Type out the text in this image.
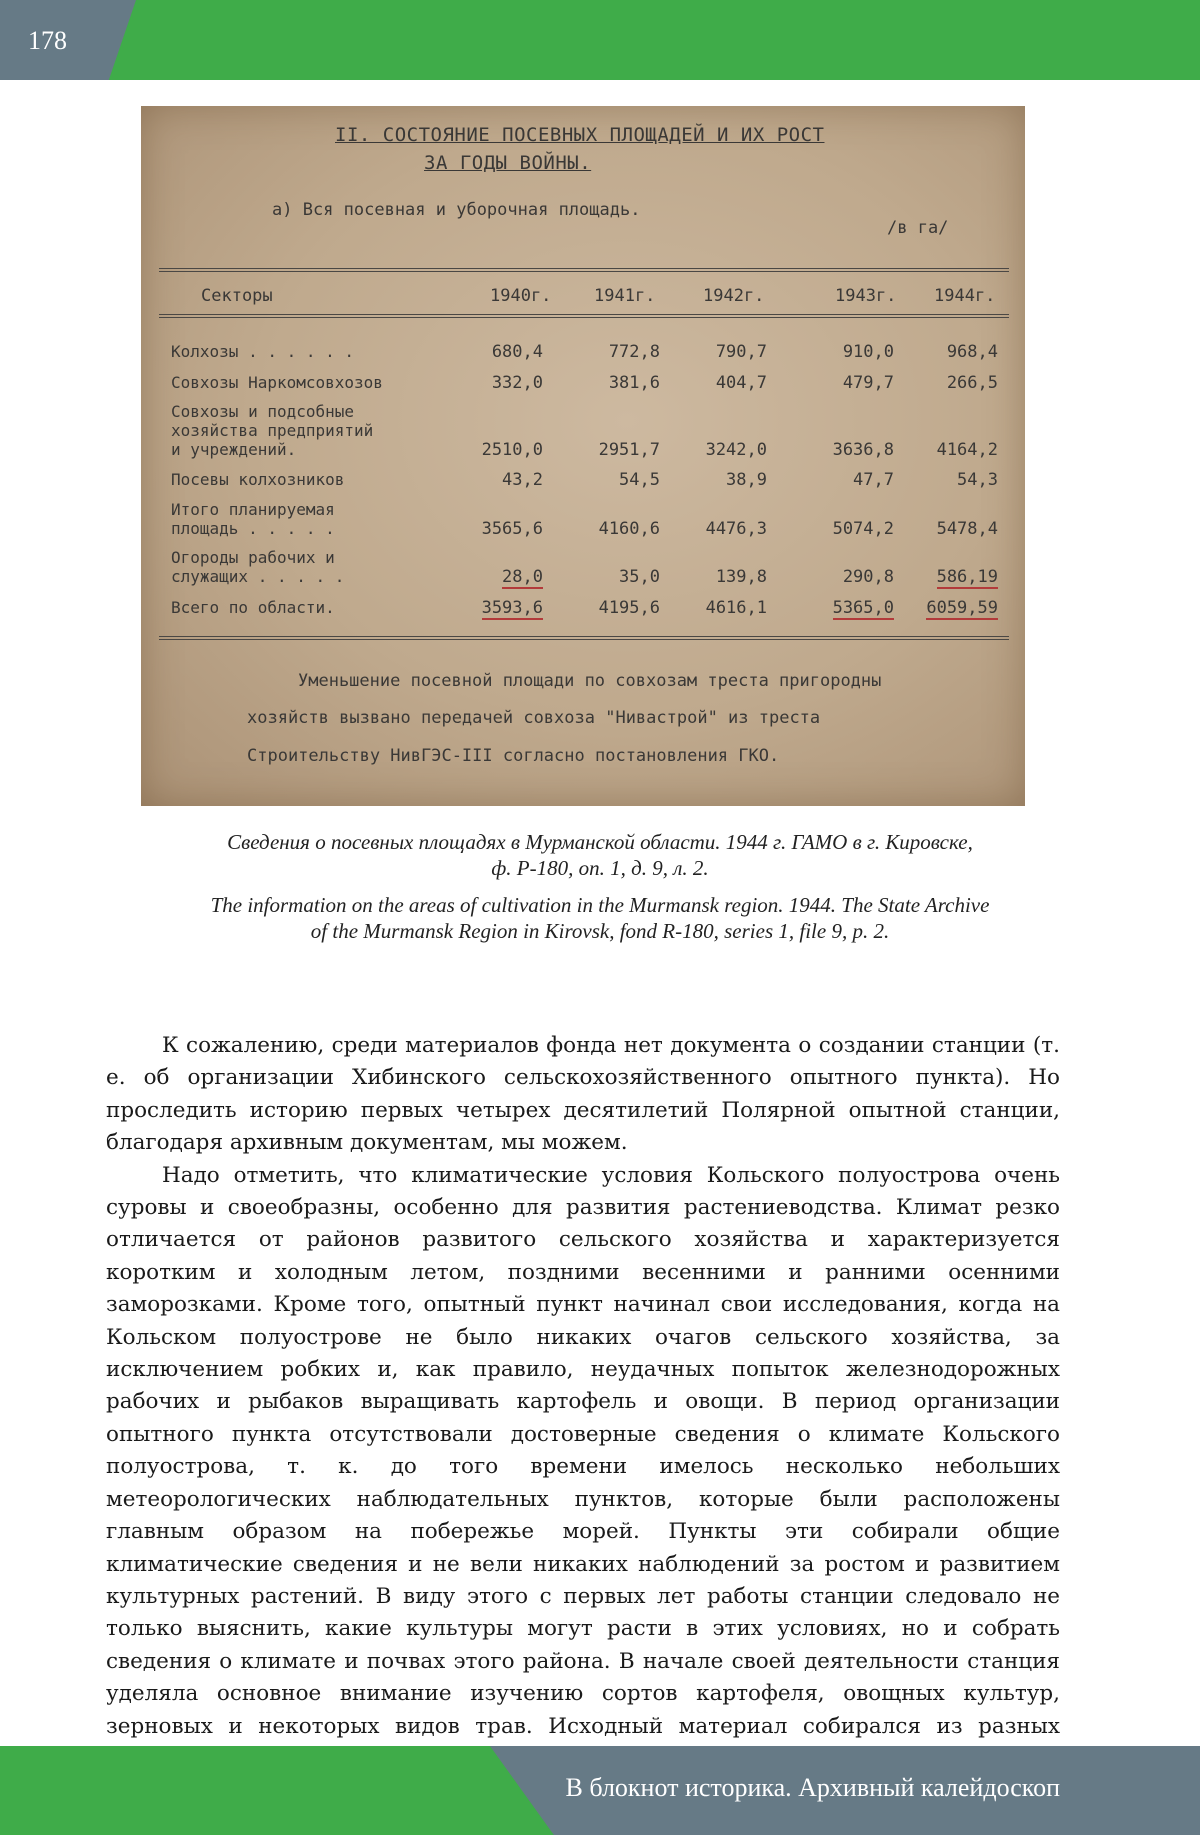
178
II. СОСТОЯНИЕ ПОСЕВНЫХ ПЛОЩАДЕЙ И ИХ РОСТ
ЗА ГОДЫ ВОЙНЫ.
а) Вся посевная и уборочная площадь.
/в га/
Секторы	1940г.	1941г.	1942г.	1943г. 1944г.
Колхозы . . . . . .	680,4	772,8	790,7	910,0	968,4
Совхозы Наркомсовхозов	332,0	381,6	404,7	479,7	266,5
Совхозы и подсобные
хозяйства предприятий
и учреждений.	2510,0	2951,7	3242,0	3636,8	4164,2
Посевы колхозников	43,2	54,5	38,9	47,7	54,3
Итого планируемая
площадь . . . . .	3565,6	4160,6	4476,3	5074,2	5478,4
Огороды рабочих и
служащих . . . . .	28,0	35,0	139,8	290,8	586,19
Всего по области.	3593,6	4195,6	4616,1	5365,0	6059,59
Уменьшение посевной площади по совхозам треста пригородны
хозяйств вызвано передачей совхоза "Нивастрой" из треста
Строительству НивГЭС-III согласно постановления ГКО.
Сведения о посевных площадях в Мурманской области. 1944 г. ГАМО в г. Кировске,
ф. Р-180, оп. 1, д. 9, л. 2.
The information on the areas of cultivation in the Murmansk region. 1944. The State Archive
of the Murmansk Region in Kirovsk, fond R-180, series 1, file 9, p. 2.

К сожалению, среди материалов фонда нет документа о создании станции (т. е. об организации Хибинского сельскохозяйственного опытного пункта). Но проследить историю первых четырех десятилетий Полярной опытной станции, благодаря архивным документам, мы можем.

Надо отметить, что климатические условия Кольского полуострова очень суровы и своеобразны, особенно для развития растениеводства. Климат резко отличается от районов развитого сельского хозяйства и характеризуется коротким и холодным летом, поздними весенними и ранними осенними заморозками. Кроме того, опытный пункт начинал свои исследования, когда на Кольском полуострове не было никаких очагов сельского хозяйства, за исключением робких и, как правило, неудачных попыток железнодорожных рабочих и рыбаков выращивать картофель и овощи. В период организации опытного пункта отсутствовали достоверные сведения о климате Кольского полуострова, т. к. до того времени имелось несколько небольших метеорологических наблюдательных пунктов, которые были расположены главным образом на побережье морей. Пункты эти собирали общие климатические сведения и не вели никаких наблюдений за ростом и развитием культурных растений. В виду этого с первых лет работы станции следовало не только выяснить, какие культуры могут расти в этих условиях, но и собрать сведения о климате и почвах этого района. В начале своей деятельности станция уделяла основное внимание изучению сортов картофеля, овощных культур, зерновых и некоторых видов трав. Исходный материал собирался из разных

В блокнот историка. Архивный калейдоскоп
